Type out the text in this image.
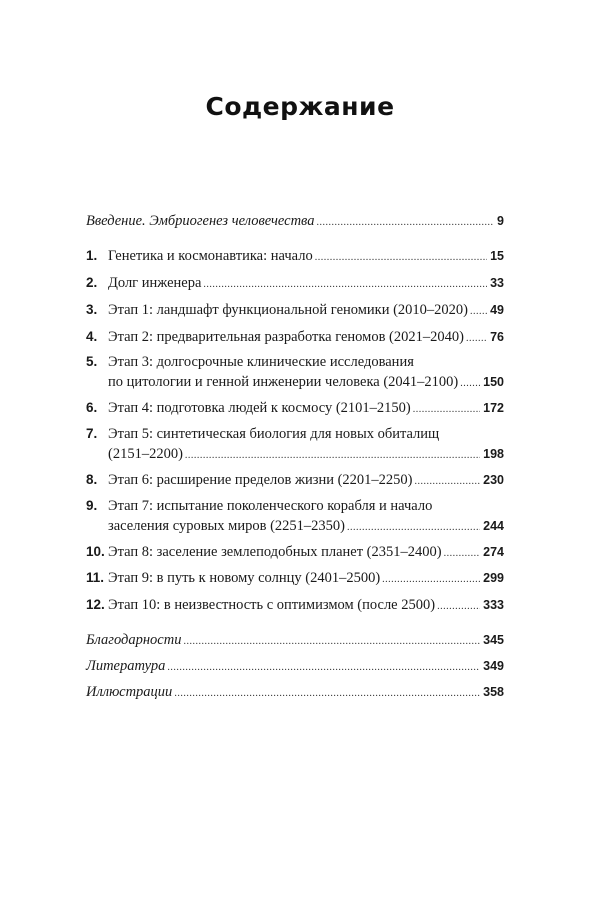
Содержание
Введение. Эмбриогенез человечества .....	9
1. Генетика и космонавтика: начало .....	15
2. Долг инженера .....	33
3. Этап 1: ландшафт функциональной геномики (2010–2020) ..... 49
4. Этап 2: предварительная разработка геномов (2021–2040) ..... 76
5. Этап 3: долгосрочные клинические исследования
по цитологии и генной инженерии человека (2041–2100) ..... 150
6. Этап 4: подготовка людей к космосу (2101–2150) .....	172
7. Этап 5: синтетическая биология для новых обиталищ
(2151–2200) .....	198
8. Этап 6: расширение пределов жизни (2201–2250) .....	230
9. Этап 7: испытание поколенческого корабля и начало
заселения суровых миров (2251–2350) .....	244
10. Этап 8: заселение землеподобных планет (2351–2400) .....	274
11. Этап 9: в путь к новому солнцу (2401–2500) .....	299
12. Этап 10: в неизвестность с оптимизмом (после 2500) .....	333
Благодарности .....	345
Литература .....	349
Иллюстрации .....	358
